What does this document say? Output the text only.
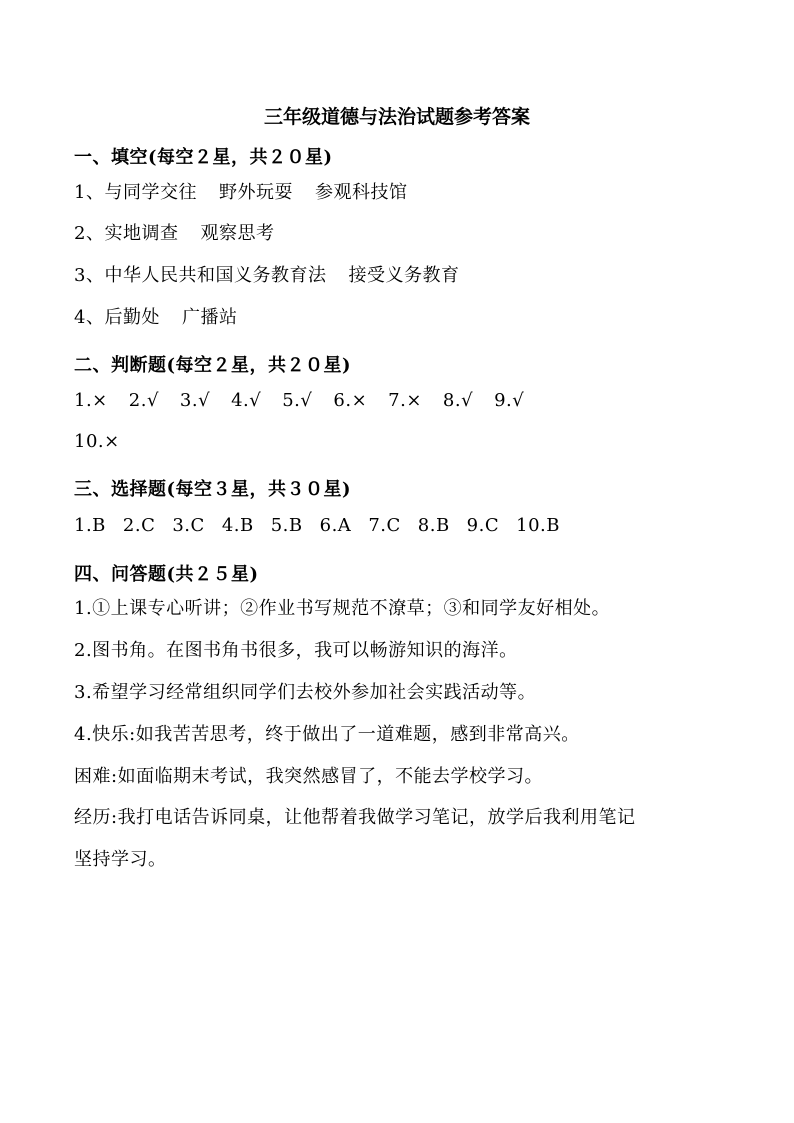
三年级道德与法治试题参考答案
一、填空(每空２星，共２０星)
1、与同学交往 野外玩耍 参观科技馆
2、实地调查 观察思考
3、中华人民共和国义务教育法 接受义务教育
4、后勤处 广播站
二、判断题(每空２星，共２０星)
1.× 2.√ 3.√ 4.√ 5.√ 6.× 7.× 8.√ 9.√
10.×
三、选择题(每空３星，共３０星)
1.B 2.C 3.C 4.B 5.B 6.A 7.C 8.B 9.C 10.B
四、问答题(共２５星)
1.①上课专心听讲；②作业书写规范不潦草；③和同学友好相处。
2.图书角。在图书角书很多，我可以畅游知识的海洋。
3.希望学习经常组织同学们去校外参加社会实践活动等。
4.快乐:如我苦苦思考，终于做出了一道难题，感到非常高兴。
困难:如面临期末考试，我突然感冒了，不能去学校学习。
经历:我打电话告诉同桌，让他帮着我做学习笔记，放学后我利用笔记
坚持学习。
